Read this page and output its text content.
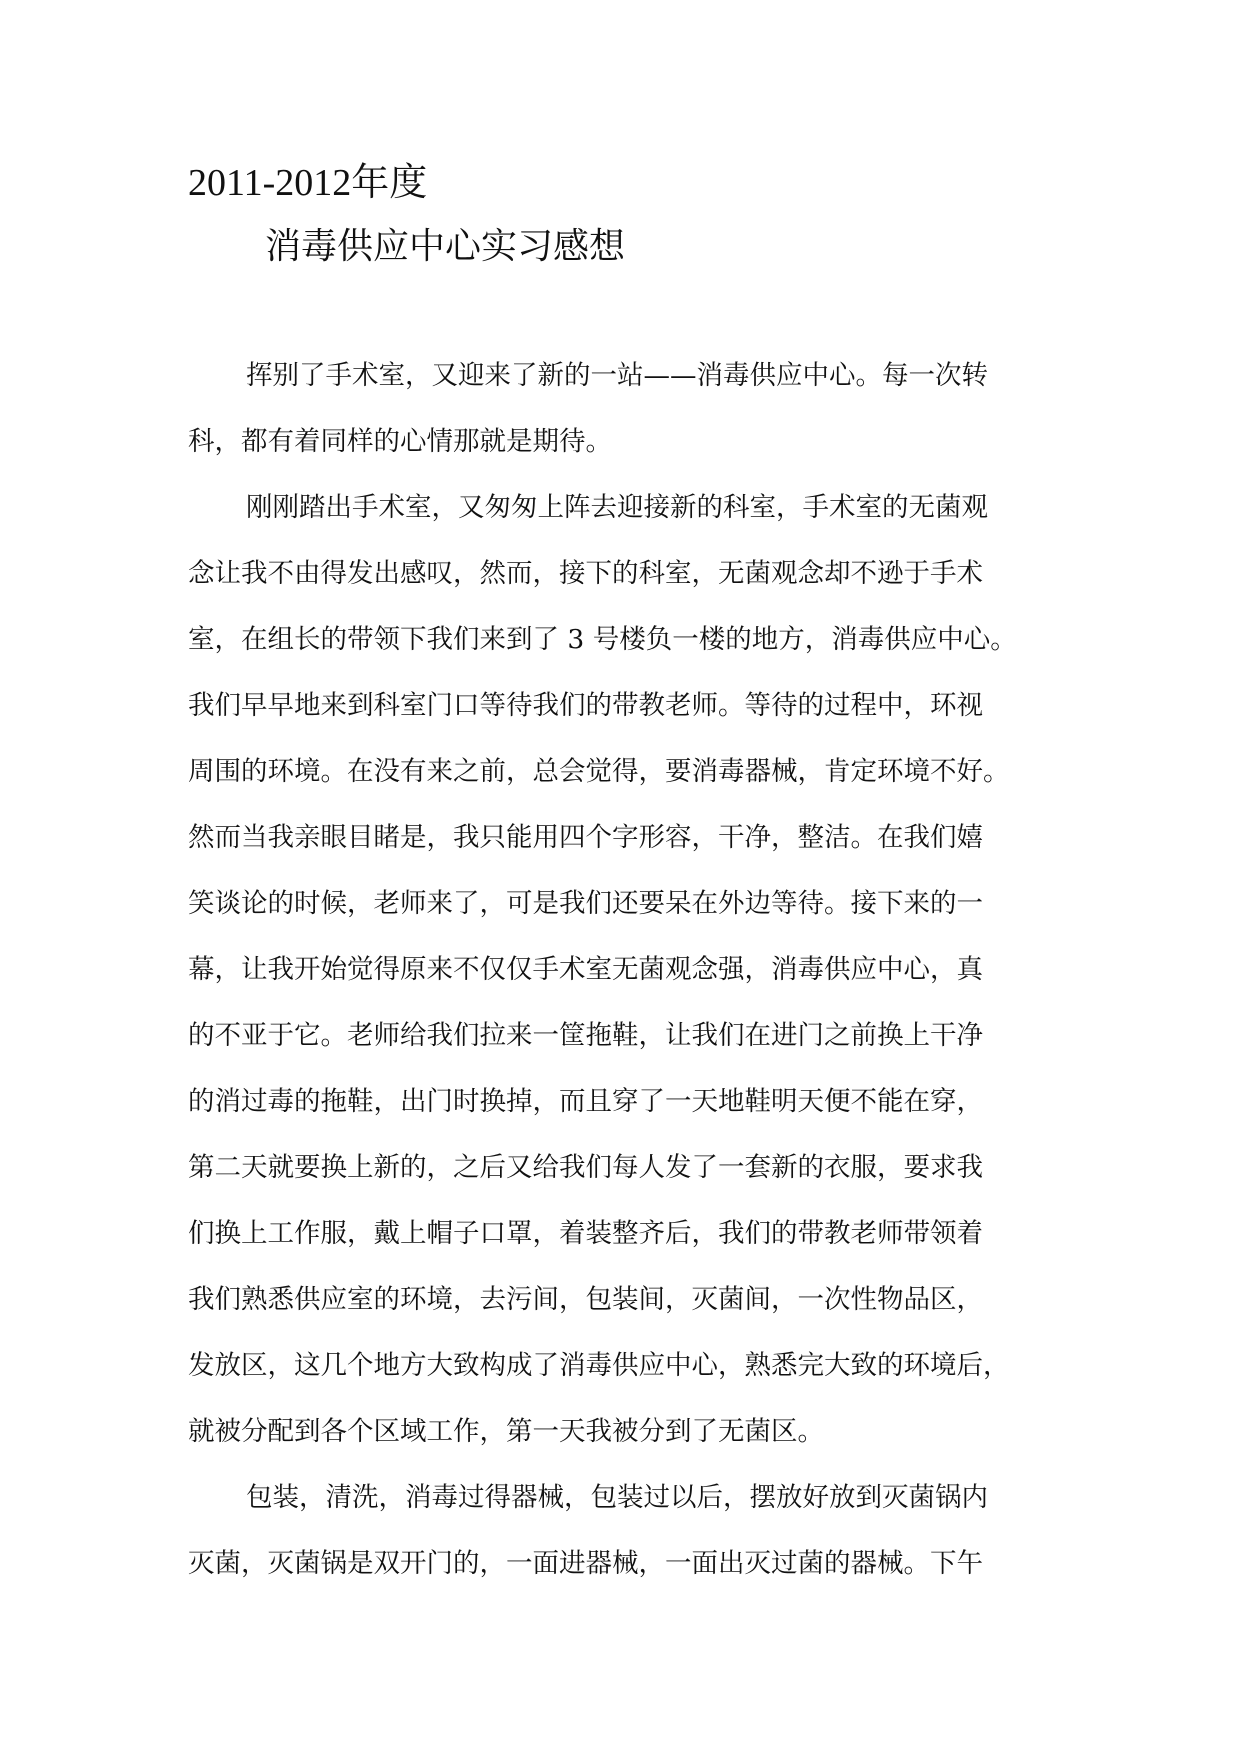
2011-2012年度
消毒供应中心实习感想
挥别了手术室，又迎来了新的一站——消毒供应中心。每一次转
科，都有着同样的心情那就是期待。
刚刚踏出手术室，又匆匆上阵去迎接新的科室，手术室的无菌观
念让我不由得发出感叹，然而，接下的科室，无菌观念却不逊于手术
室，在组长的带领下我们来到了 3 号楼负一楼的地方，消毒供应中心。
我们早早地来到科室门口等待我们的带教老师。等待的过程中，环视
周围的环境。在没有来之前，总会觉得，要消毒器械，肯定环境不好。
然而当我亲眼目睹是，我只能用四个字形容，干净，整洁。在我们嬉
笑谈论的时候，老师来了，可是我们还要呆在外边等待。接下来的一
幕，让我开始觉得原来不仅仅手术室无菌观念强，消毒供应中心，真
的不亚于它。老师给我们拉来一筐拖鞋，让我们在进门之前换上干净
的消过毒的拖鞋，出门时换掉，而且穿了一天地鞋明天便不能在穿，
第二天就要换上新的，之后又给我们每人发了一套新的衣服，要求我
们换上工作服，戴上帽子口罩，着装整齐后，我们的带教老师带领着
我们熟悉供应室的环境，去污间，包装间，灭菌间，一次性物品区，
发放区，这几个地方大致构成了消毒供应中心，熟悉完大致的环境后，
就被分配到各个区域工作，第一天我被分到了无菌区。
包装，清洗，消毒过得器械，包装过以后，摆放好放到灭菌锅内
灭菌，灭菌锅是双开门的，一面进器械，一面出灭过菌的器械。下午
